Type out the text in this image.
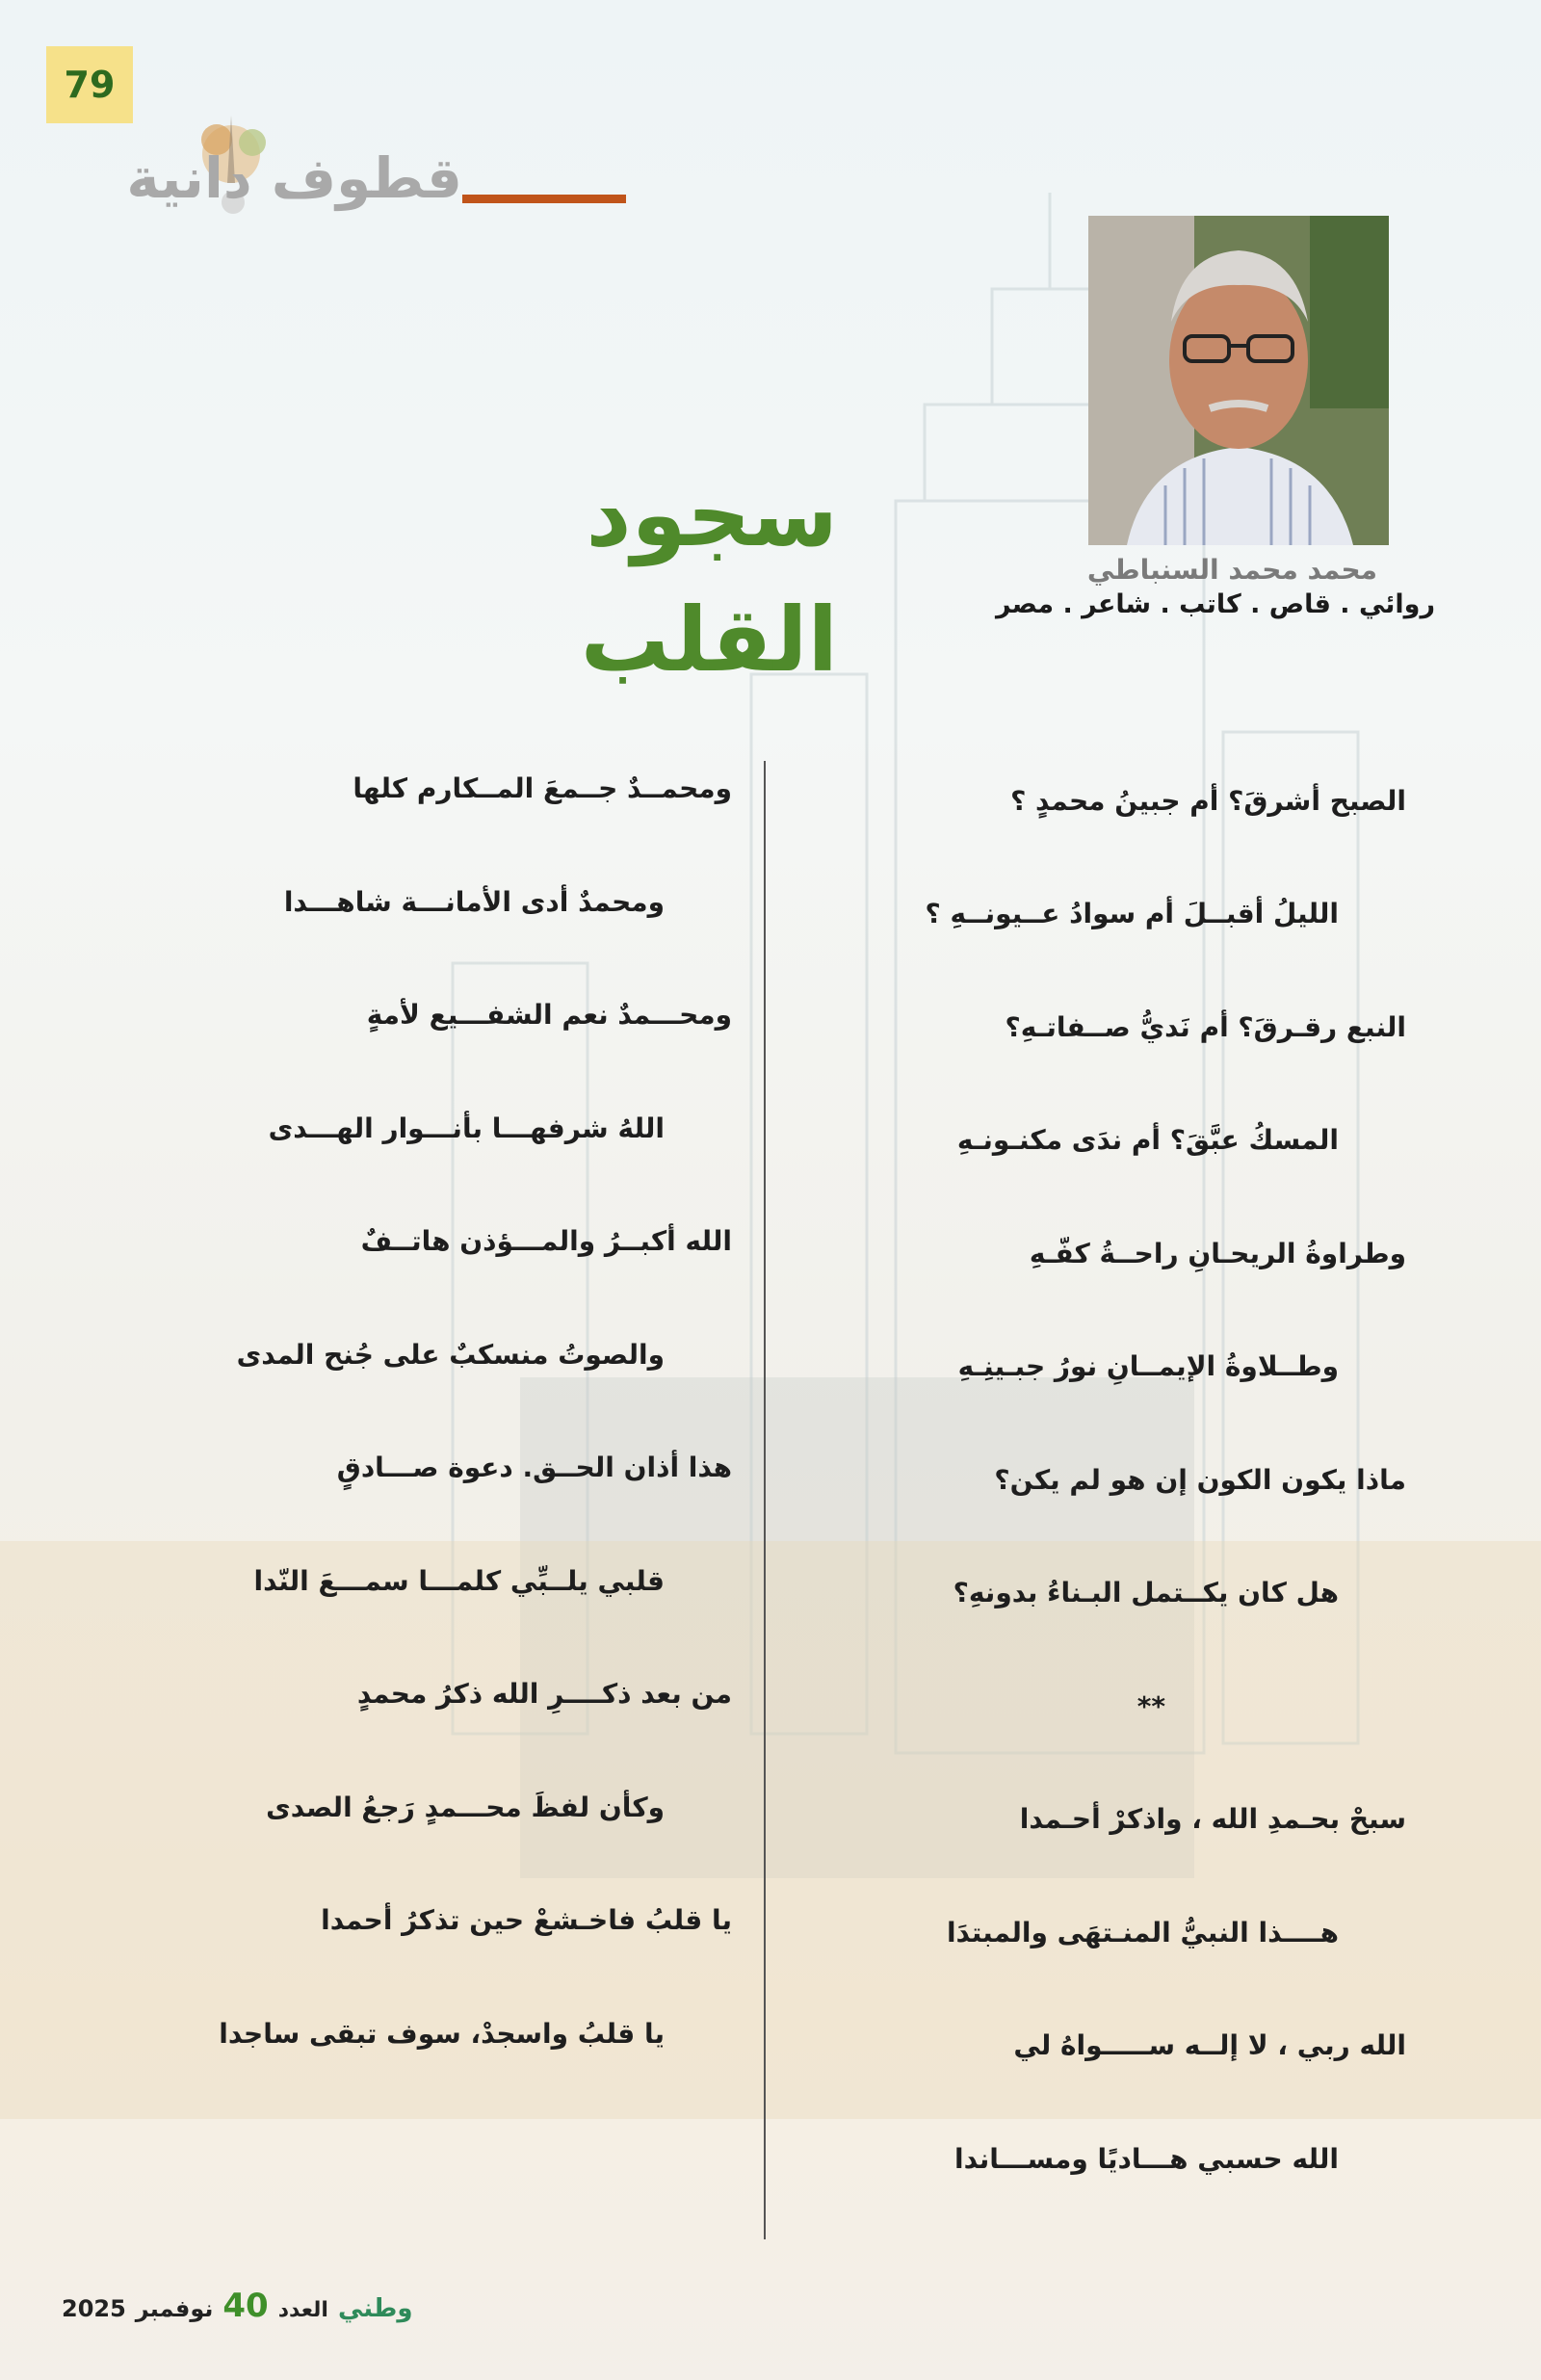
79
قطوف دانية
سجود القلب
محمد محمد السنباطي
روائي . قاص . كاتب . شاعر . مصر
الصبح أشرقَ؟ أم جبينُ محمدٍ ؟
الليلُ أقبــلَ أم سوادُ عــيونــهِ ؟
النبع رقـرقَ؟ أم نَديُّ صــفاتـهِ؟
المسكُ عبَّقَ؟ أم ندَى مكنـونـهِ
وطراوةُ الريحـانِ راحــةُ كفّـهِ
وطــلاوةُ الإيمــانِ نورُ جبـينِـهِ
ماذا يكون الكون إن هو لم يكن؟
هل كان يكــتمل البـناءُ بدونهِ؟
**
سبحْ بحـمدِ الله ، واذكرْ أحـمدا
هــــذا النبيُّ المنـتهَى والمبتدَا
الله ربي ، لا إلــه ســـــواهُ لي
الله حسبي هـــاديًا ومســـاندا
ومحمــدٌ جــمعَ المــكارم كلها
ومحمدٌ أدى الأمانـــة شاهـــدا
ومحـــمدٌ نعم الشفـــيع لأمةٍ
اللهُ شرفهـــا بأنـــوار الهـــدى
الله أكبــرُ والمـــؤذن هاتــفٌ
والصوتُ منسكبٌ على جُنح المدى
هذا أذان الحــق. دعوة صـــادقٍ
قلبي يلــبِّي كلمـــا سمـــعَ النّدا
من بعد ذكــــرِ الله ذكرُ محمدٍ
وكأن لفظَ محـــمدٍ رَجعُ الصدى
يا قلبُ فاخـشعْ حين تذكرُ أحمدا
يا قلبُ واسجدْ، سوف تبقى ساجدا
2025 نوفمبر 40 العدد وطني
